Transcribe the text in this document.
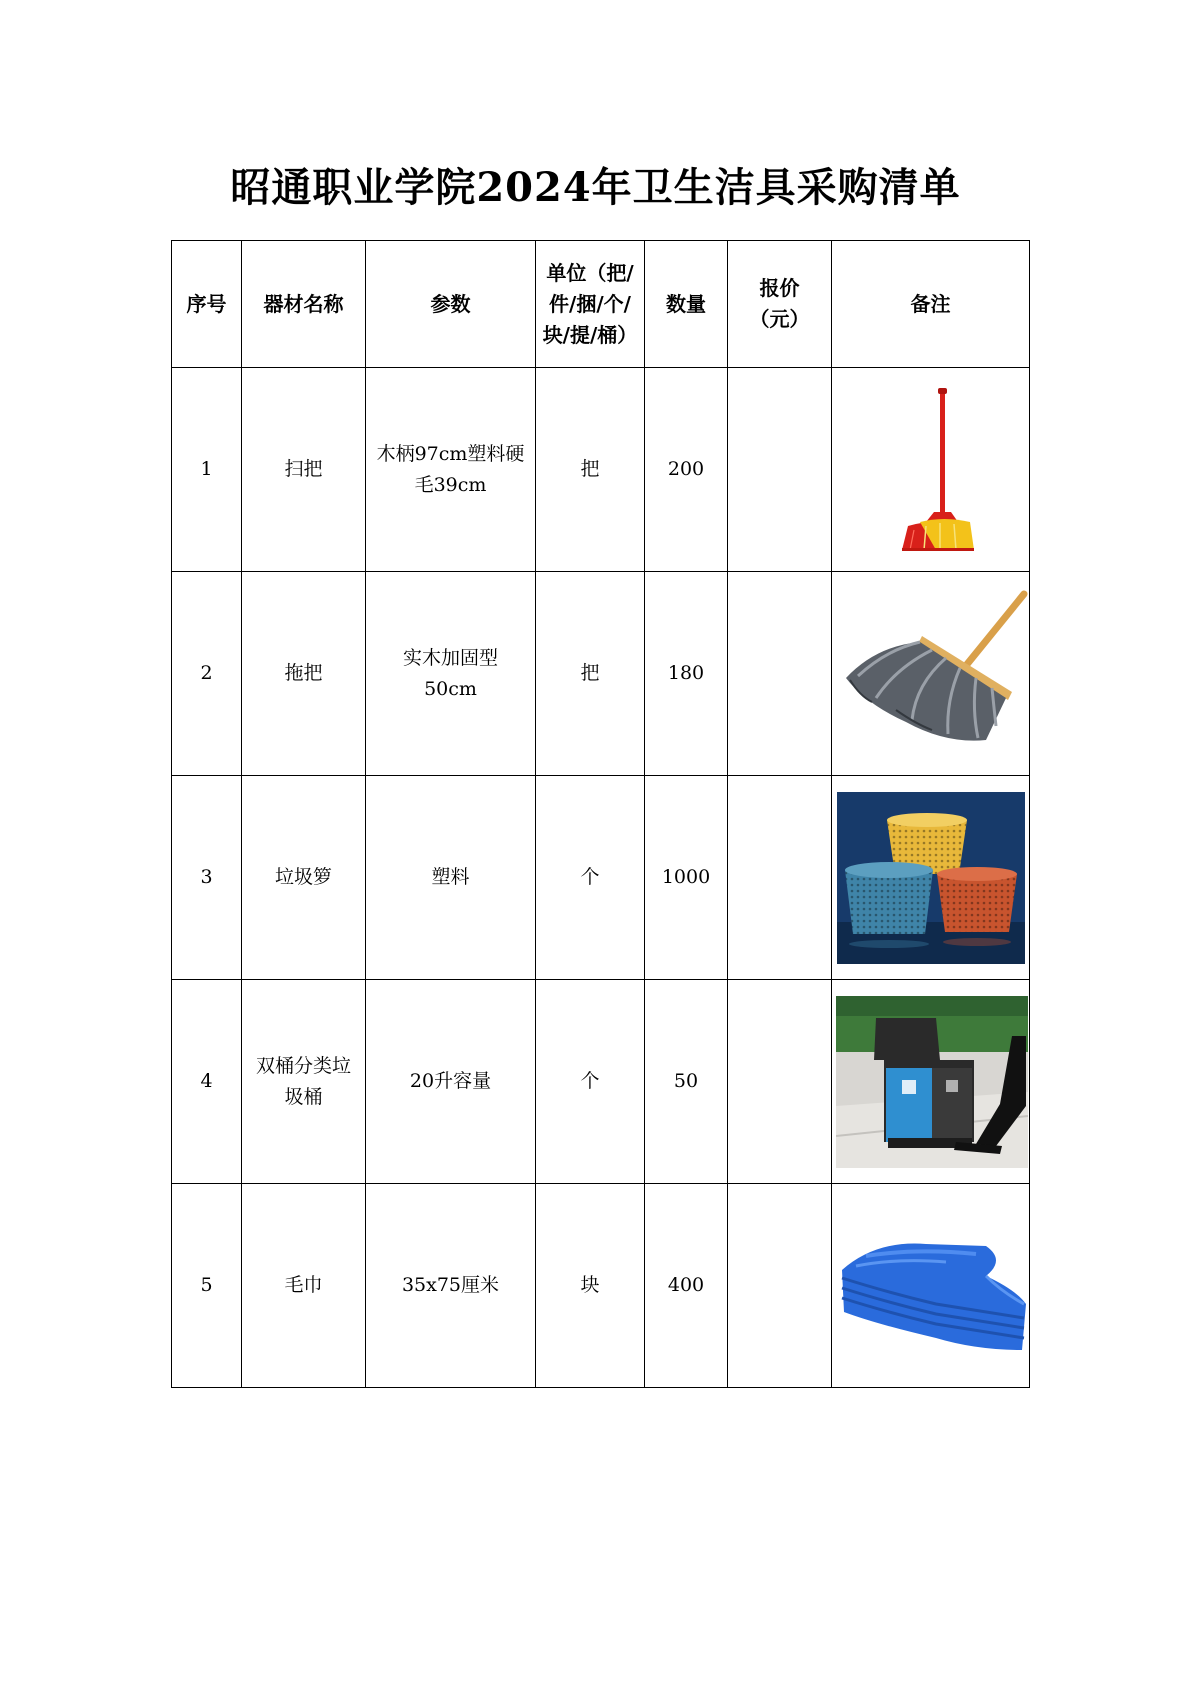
昭通职业学院2024年卫生洁具采购清单
序号	器材名称	参数	单位（把/件/捆/个/块/提/桶）	数量	报价（元）	备注
1	扫把	木柄97cm塑料硬毛39cm	把	200		

2	拖把	实木加固型50cm	把	180		

3	垃圾箩	塑料	个	1000		

4	双桶分类垃圾桶	20升容量	个	50		

5	毛巾	35x75厘米	块	400		
